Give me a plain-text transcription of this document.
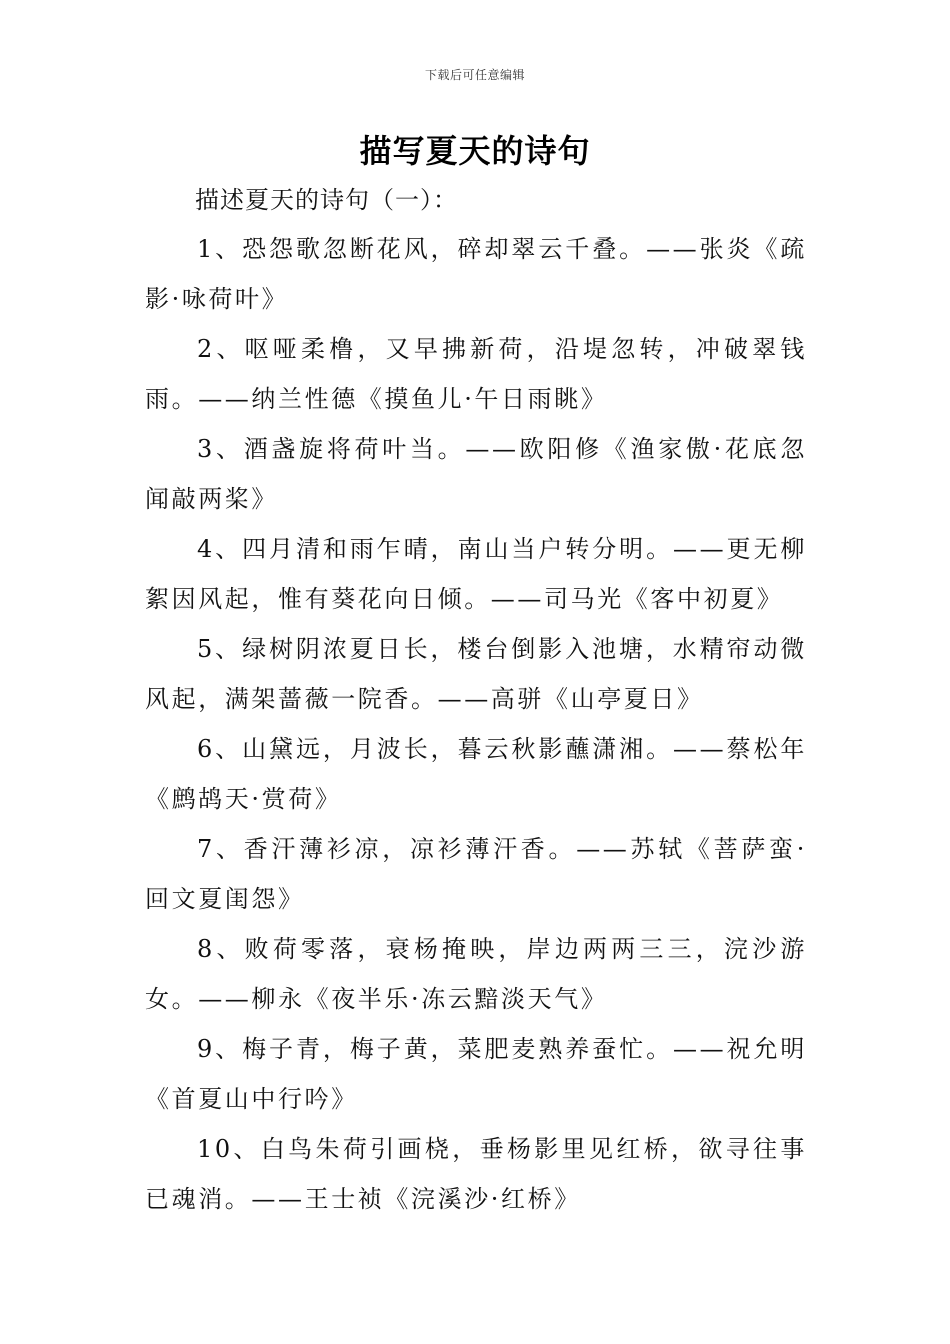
下载后可任意编辑
描写夏天的诗句

描述夏天的诗句（一）：

1、恐怨歌忽断花风，碎却翠云千叠。——张炎《疏影·咏荷叶》

2、呕哑柔橹，又早拂新荷，沿堤忽转，冲破翠钱雨。——纳兰性德《摸鱼儿·午日雨眺》

3、酒盏旋将荷叶当。——欧阳修《渔家傲·花底忽闻敲两桨》

4、四月清和雨乍晴，南山当户转分明。——更无柳絮因风起，惟有葵花向日倾。——司马光《客中初夏》

5、绿树阴浓夏日长，楼台倒影入池塘，水精帘动微风起，满架蔷薇一院香。——高骈《山亭夏日》

6、山黛远，月波长，暮云秋影蘸潇湘。——蔡松年《鹧鸪天·赏荷》

7、香汗薄衫凉，凉衫薄汗香。——苏轼《菩萨蛮·回文夏闺怨》

8、败荷零落，衰杨掩映，岸边两两三三，浣沙游女。——柳永《夜半乐·冻云黯淡天气》

9、梅子青，梅子黄，菜肥麦熟养蚕忙。——祝允明《首夏山中行吟》

10、白鸟朱荷引画桡，垂杨影里见红桥，欲寻往事已魂消。——王士祯《浣溪沙·红桥》
